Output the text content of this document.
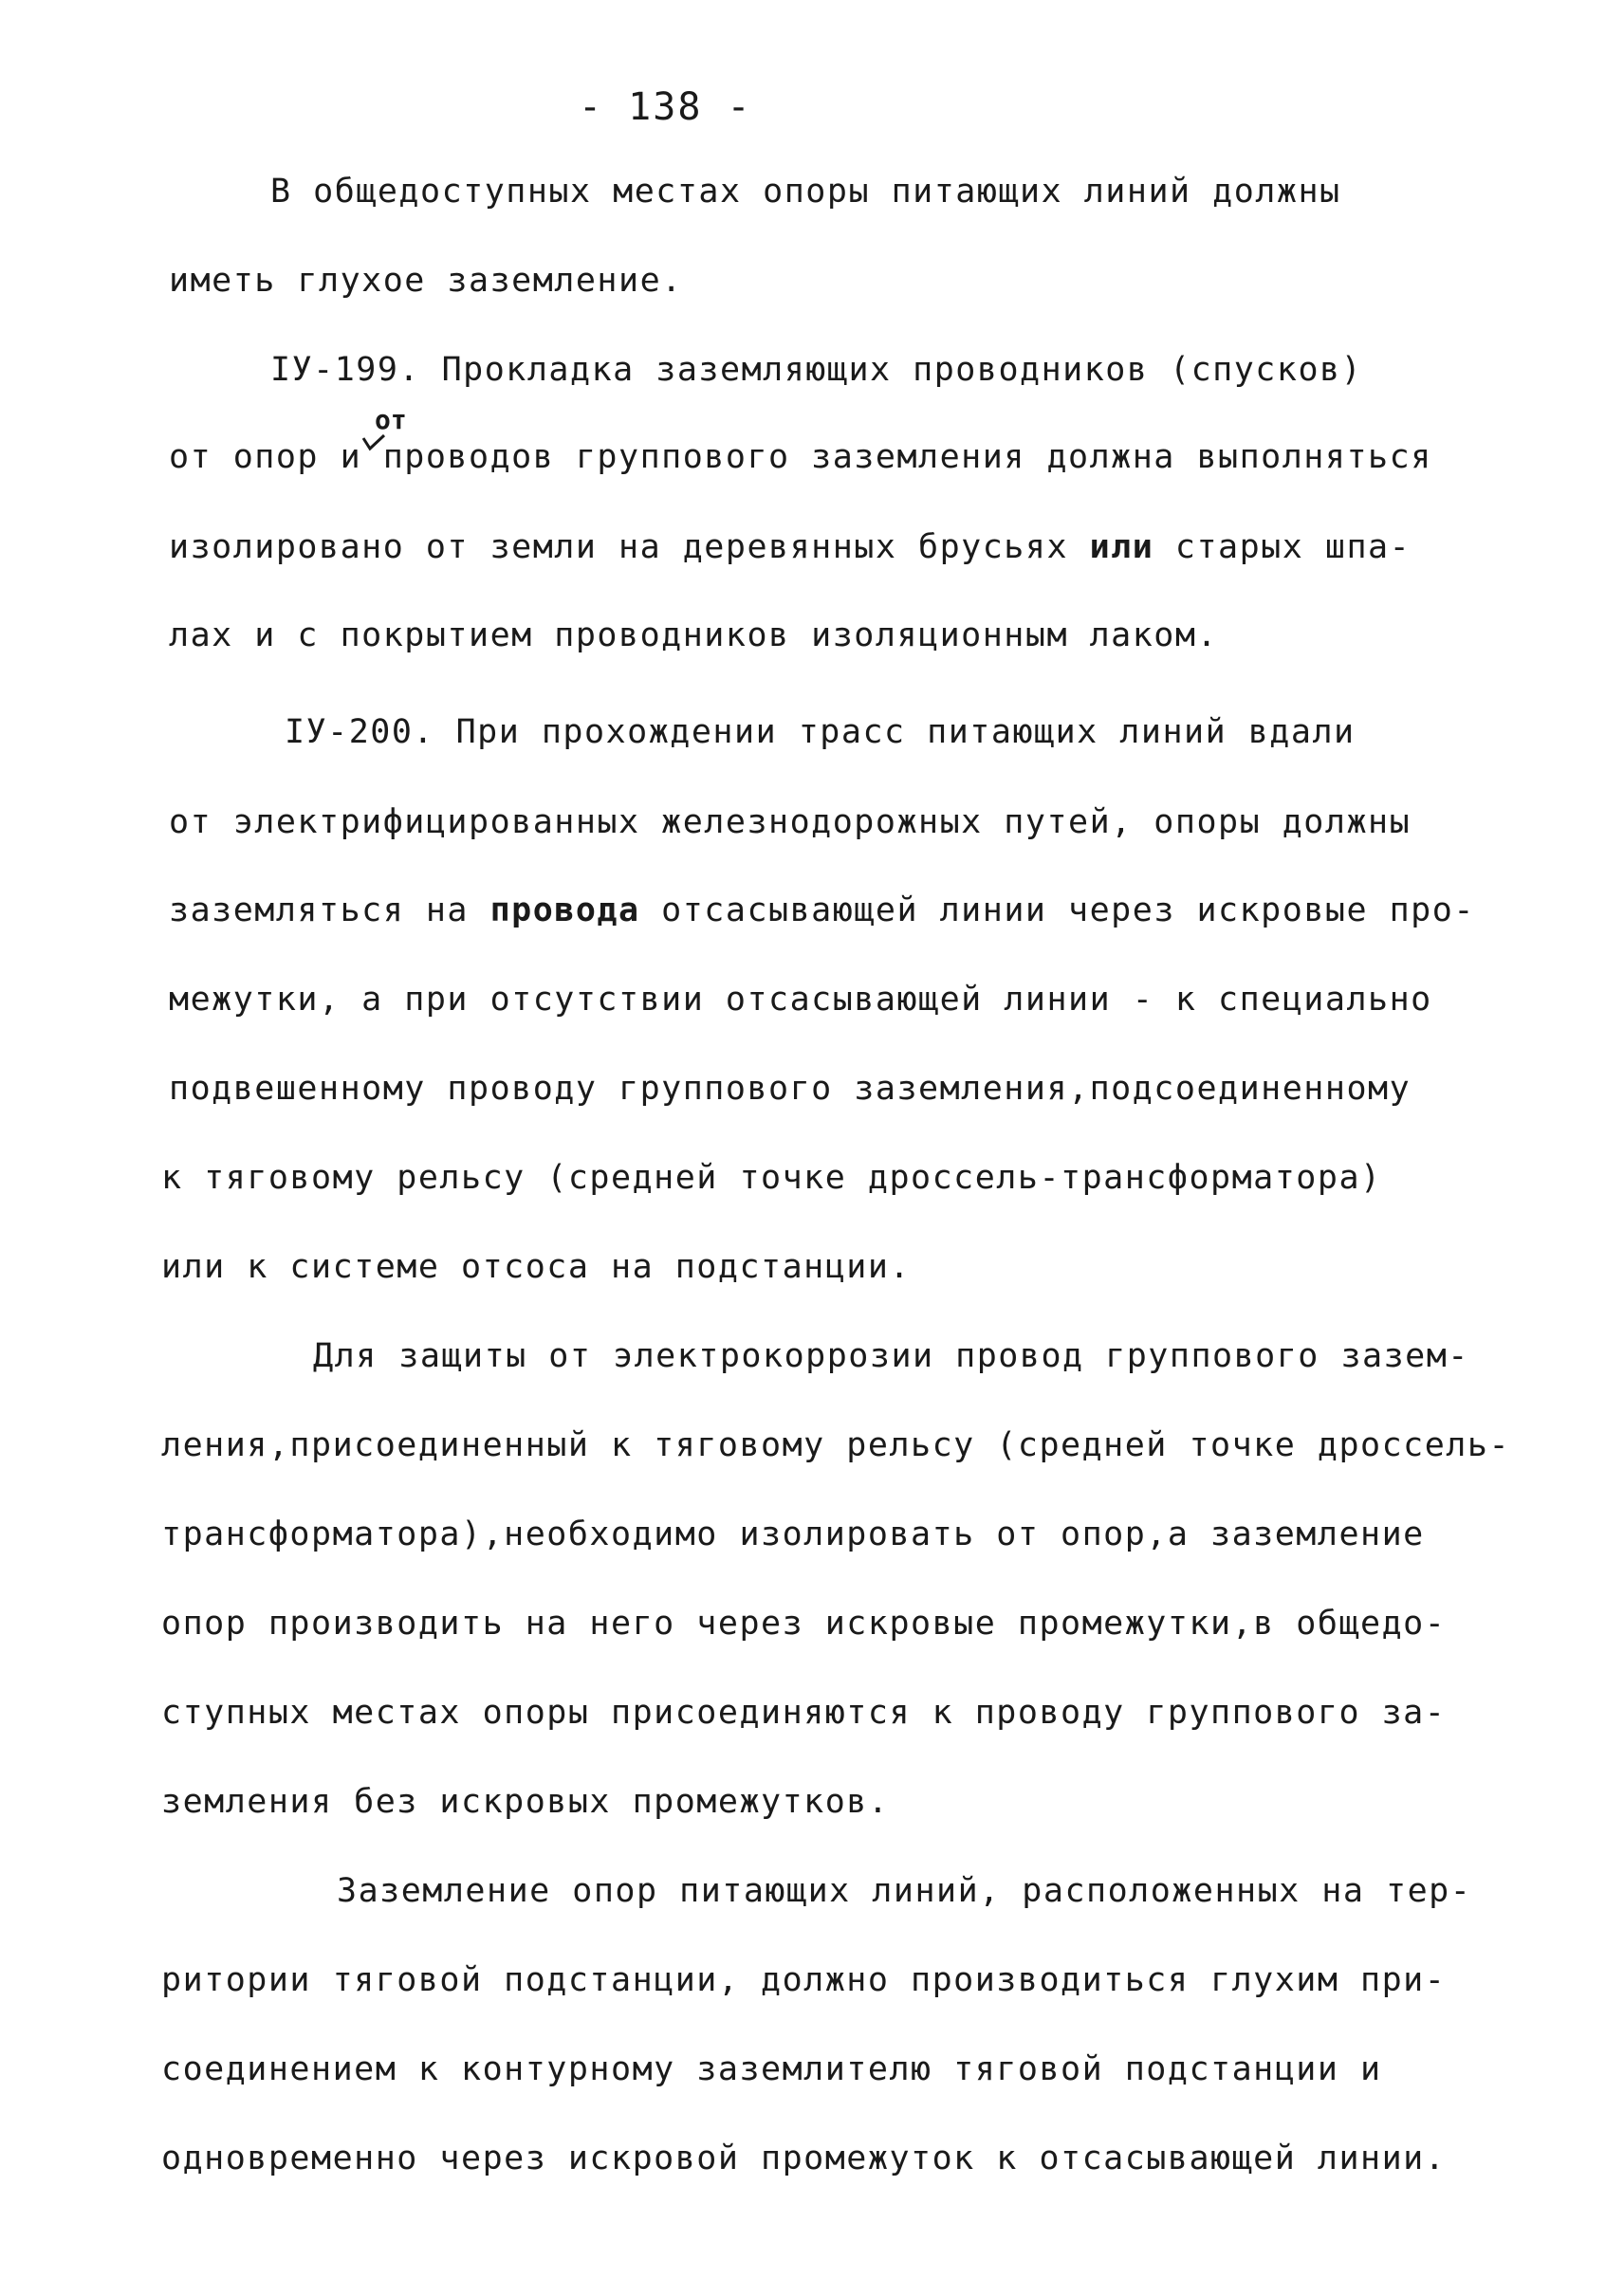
- 138 -
В общедоступных местах опоры питающих линий должны
иметь глухое заземление.
IУ-199. Прокладка заземляющих проводников (спусков)
от
от опор и проводов группового заземления должна выполняться
изолировано от земли на деревянных брусьях или старых шпа-
лах и с покрытием проводников изоляционным лаком.
IУ-200. При прохождении трасс питающих линий вдали
от электрифицированных железнодорожных путей, опоры должны
заземляться на провода отсасывающей линии через искровые про-
межутки, а при отсутствии отсасывающей линии - к специально
подвешенному проводу группового заземления,подсоединенному
к тяговому рельсу (средней точке дроссель-трансформатора)
или к системе отсоса на подстанции.
Для защиты от электрокоррозии провод группового зазем-
ления,присоединенный к тяговому рельсу (средней точке дроссель-
трансформатора),необходимо изолировать от опор,а заземление
опор производить на него через искровые промежутки,в общедо-
ступных местах опоры присоединяются к проводу группового за-
земления без искровых промежутков.
Заземление опор питающих линий, расположенных на тер-
ритории тяговой подстанции, должно производиться глухим при-
соединением к контурному заземлителю тяговой подстанции и
одновременно через искровой промежуток к отсасывающей линии.
